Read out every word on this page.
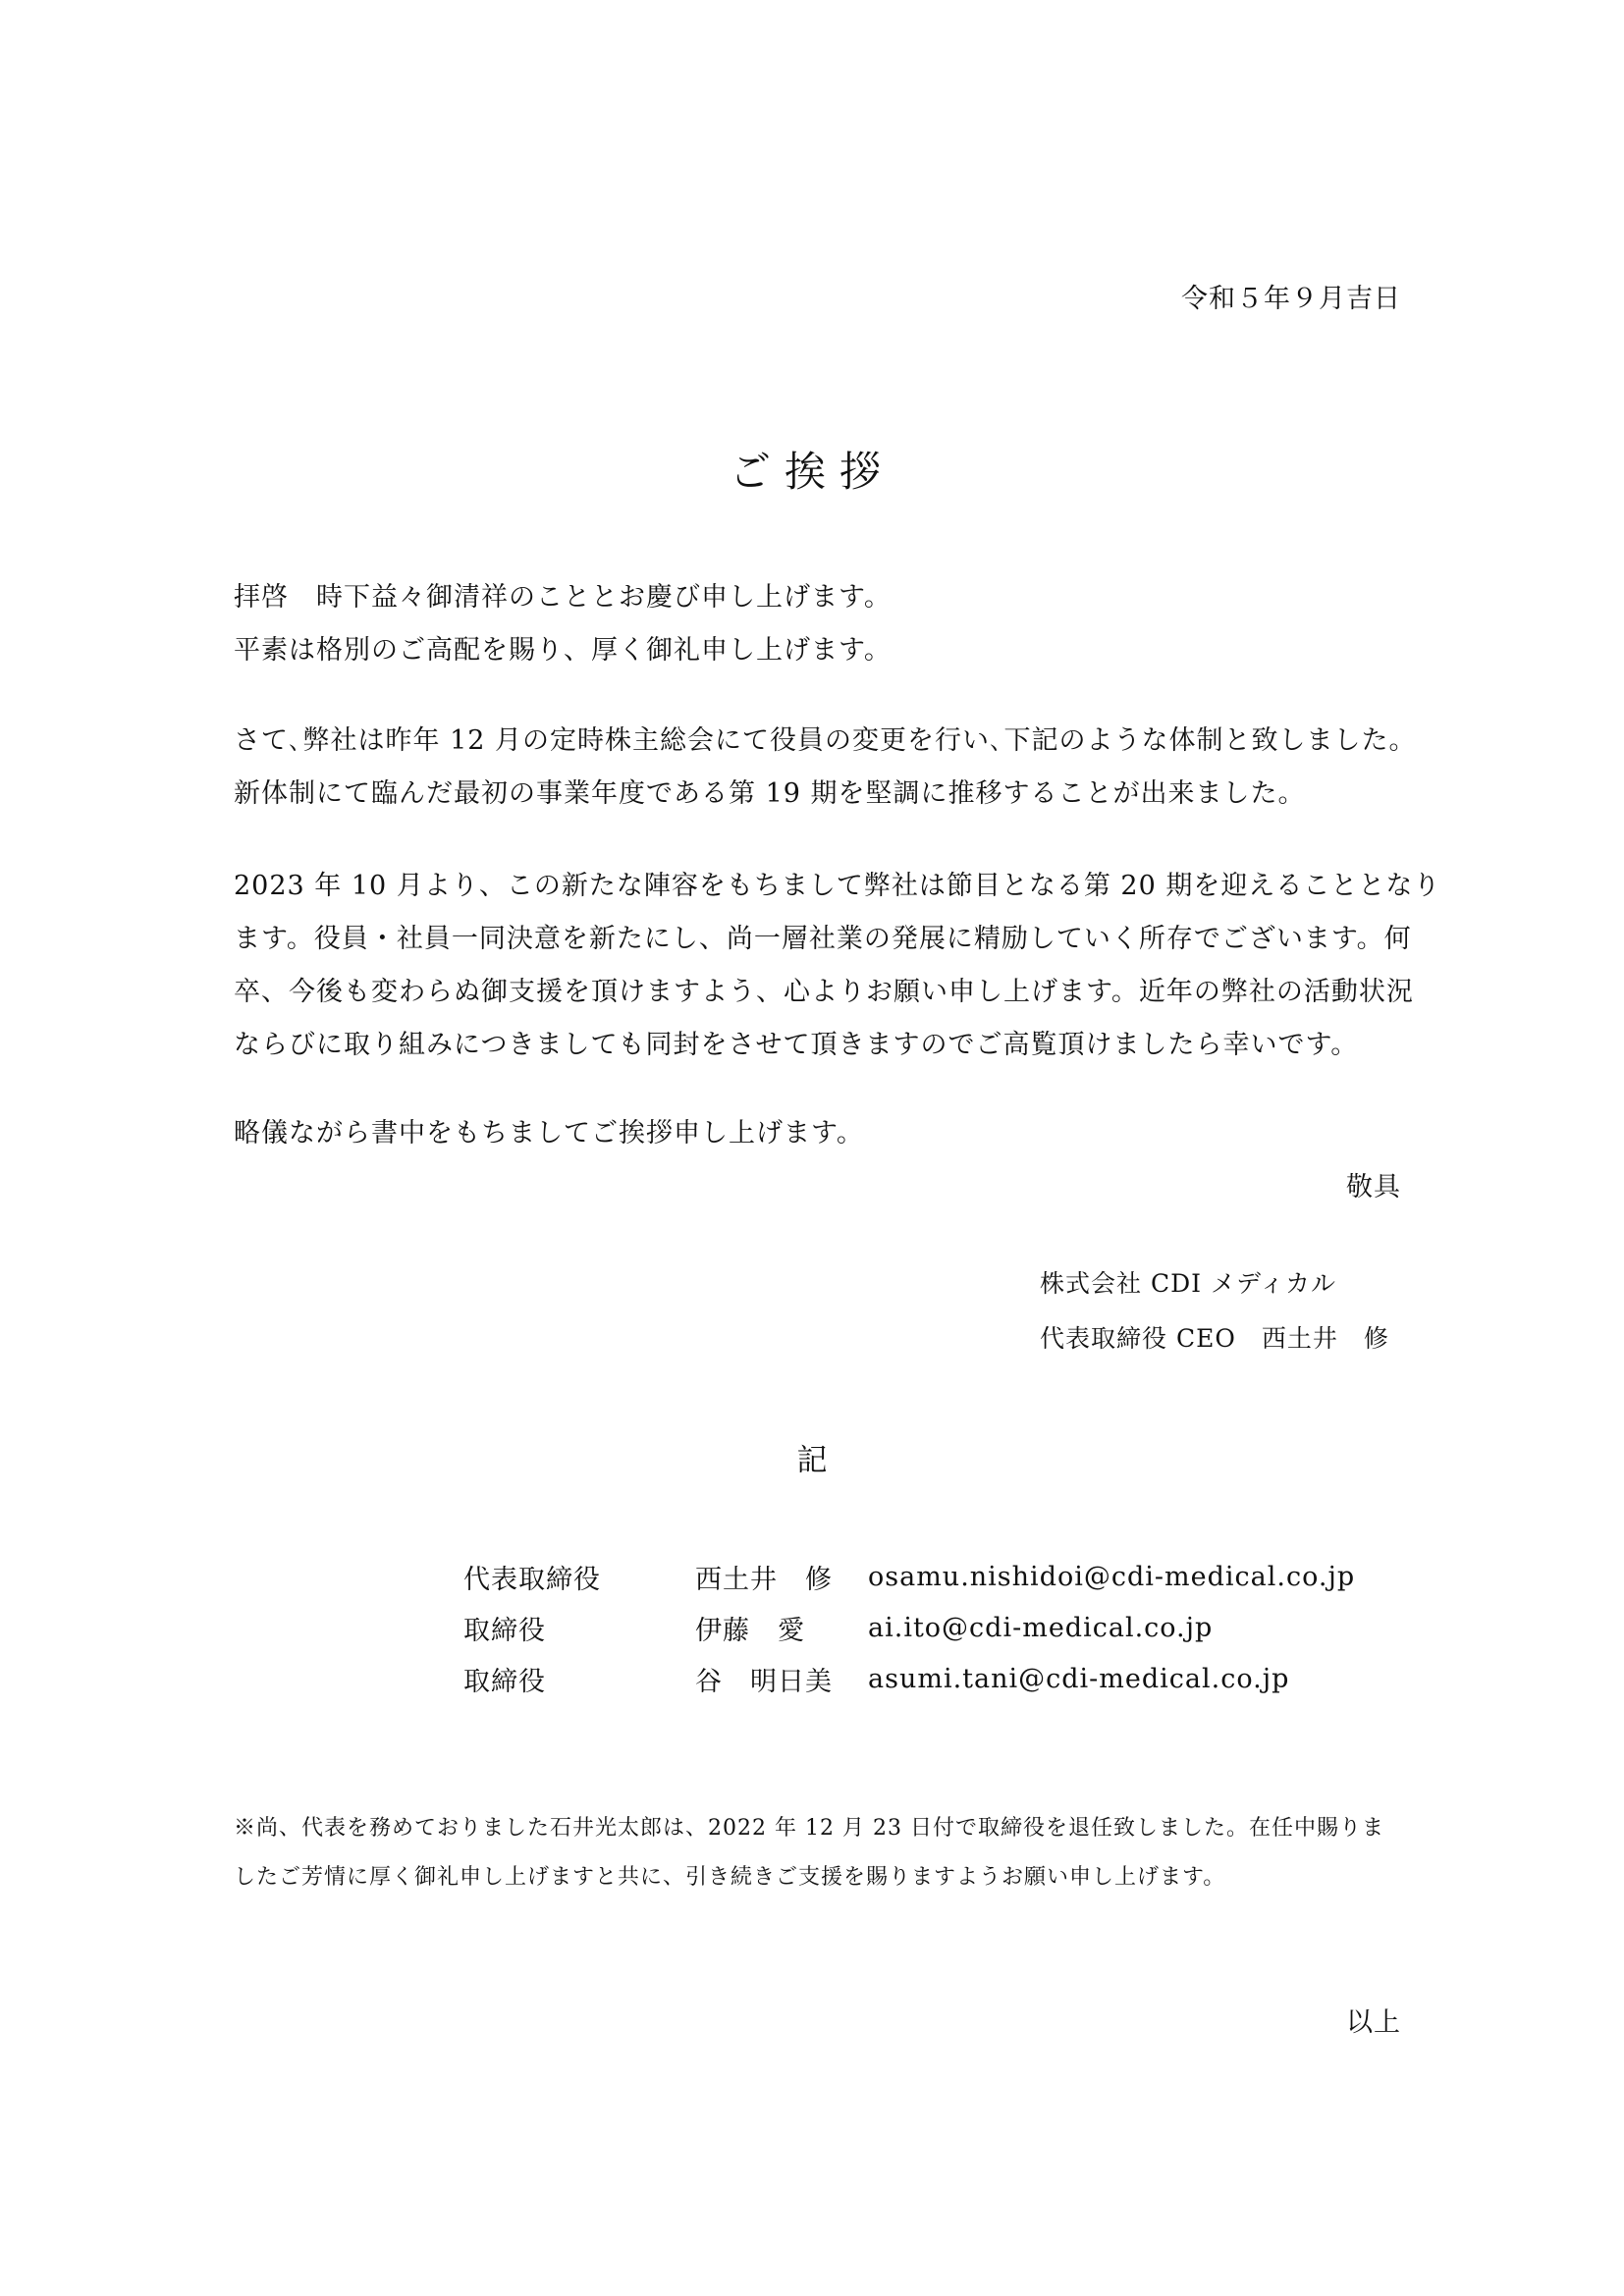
令和５年９月吉日

ご挨拶
拝啓　時下益々御清祥のこととお慶び申し上げます。
平素は格別のご高配を賜り、厚く御礼申し上げます。
さて､弊社は昨年 12 月の定時株主総会にて役員の変更を行い､下記のような体制と致しました。
新体制にて臨んだ最初の事業年度である第 19 期を堅調に推移することが出来ました。
2023 年 10 月より、この新たな陣容をもちまして弊社は節目となる第 20 期を迎えることとなり
ます。役員・社員一同決意を新たにし、尚一層社業の発展に精励していく所存でございます。何
卒、今後も変わらぬ御支援を頂けますよう、心よりお願い申し上げます。近年の弊社の活動状況
ならびに取り組みにつきましても同封をさせて頂きますのでご高覧頂けましたら幸いです。
略儀ながら書中をもちましてご挨拶申し上げます。

敬具

株式会社 CDI メディカル
代表取締役 CEO　西土井　修

記

代表取締役	西土井　修	osamu.nishidoi@cdi-medical.co.jp
取締役	伊藤　愛	ai.ito@cdi-medical.co.jp
取締役	谷　明日美	asumi.tani@cdi-medical.co.jp
※尚、代表を務めておりました石井光太郎は、2022 年 12 月 23 日付で取締役を退任致しました。在任中賜りま
したご芳情に厚く御礼申し上げますと共に、引き続きご支援を賜りますようお願い申し上げます。

以上
